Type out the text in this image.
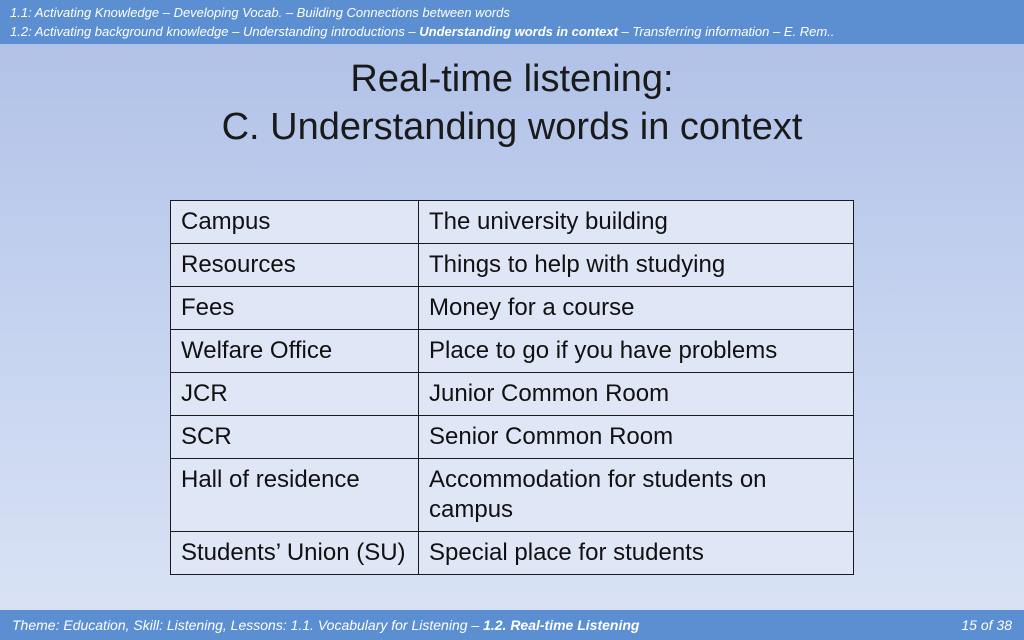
1.1: Activating Knowledge – Developing Vocab. – Building Connections between words
1.2: Activating background knowledge – Understanding introductions – Understanding words in context – Transferring information – E. Rem..
Real-time listening:
C. Understanding words in context
Campus	The university building
Resources	Things to help with studying
Fees	Money for a course
Welfare Office	Place to go if you have problems
JCR	Junior Common Room
SCR	Senior Common Room
Hall of residence	Accommodation for students on campus
Students’ Union (SU)	Special place for students
Theme: Education, Skill: Listening, Lessons: 1.1. Vocabulary for Listening – 1.2. Real-time Listening	15 of 38
